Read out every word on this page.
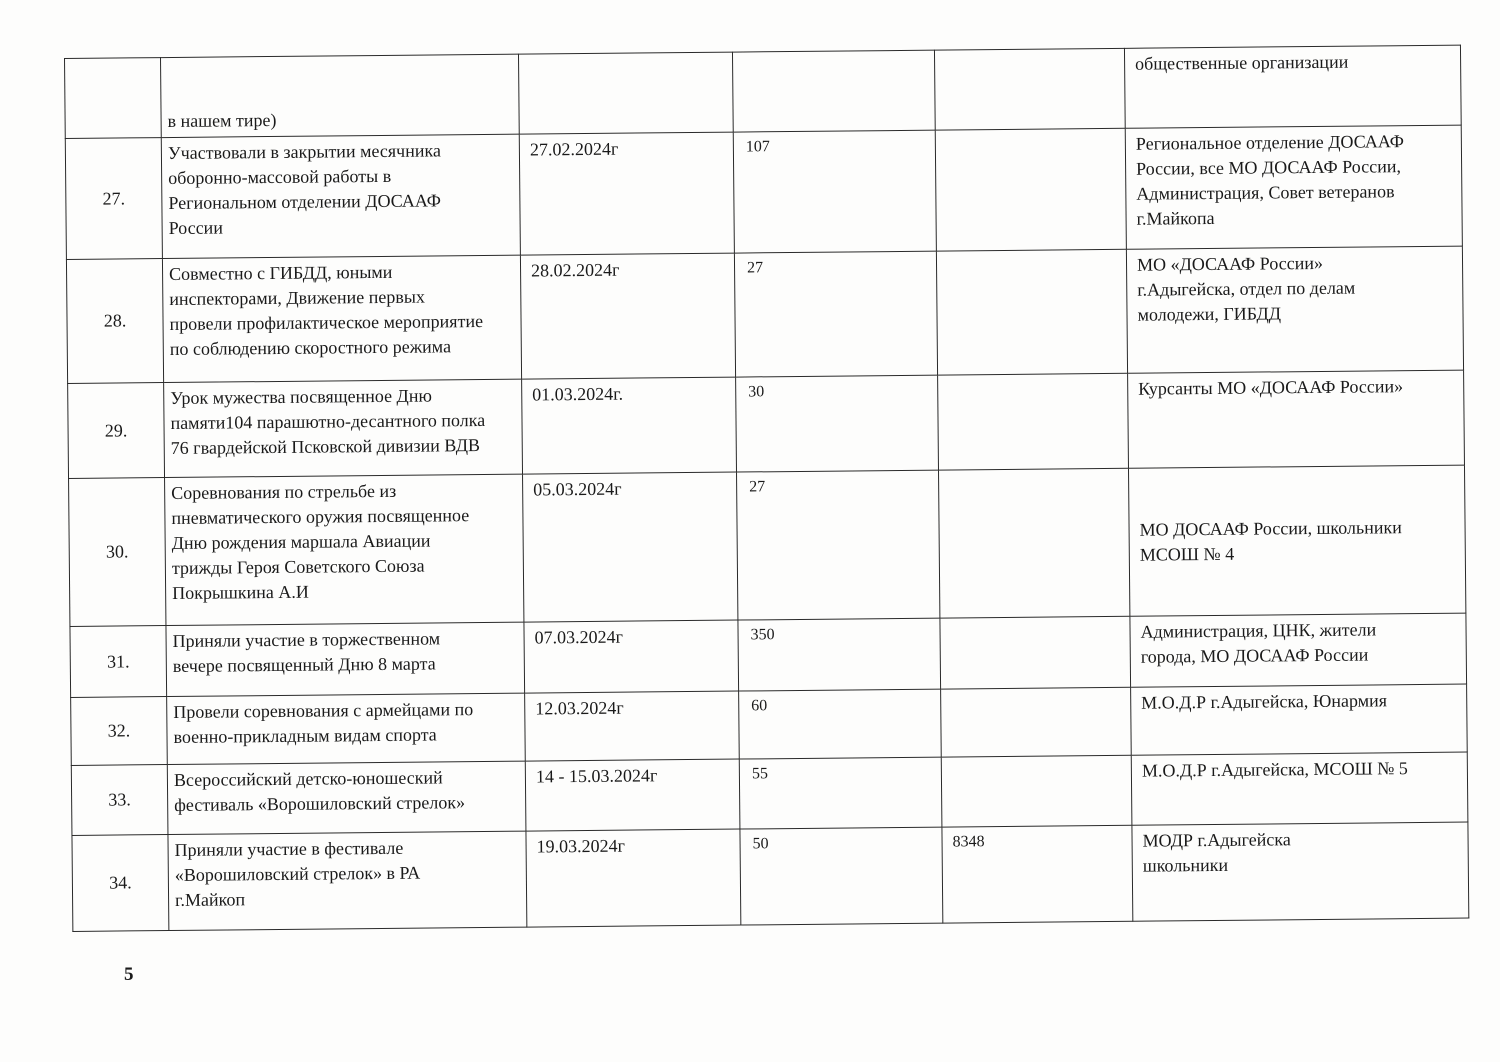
	в нашем тире)				общественные организации

27.	Участвовали в закрытии месячника
оборонно-массовой работы в
Региональном отделении ДОСААФ
России	27.02.2024г	107		Региональное отделение ДОСААФ
России, все МО ДОСААФ России,
Администрация, Совет ветеранов
г.Майкопа

28.	Совместно с ГИБДД, юными
инспекторами, Движение первых
провели профилактическое мероприятие
по соблюдению скоростного режима	28.02.2024г	27		МО «ДОСААФ России»
г.Адыгейска, отдел по делам
молодежи, ГИБДД

29.	Урок мужества посвященное Дню
памяти104 парашютно-десантного полка
76 гвардейской Псковской дивизии ВДВ	01.03.2024г.	30		Курсанты МО «ДОСААФ России»

30.	Соревнования по стрельбе из
пневматического оружия посвященное
Дню рождения маршала Авиации
трижды Героя Советского Союза
Покрышкина А.И	05.03.2024г	27		МО ДОСААФ России, школьники
МСОШ № 4

31.	Приняли участие в торжественном
вечере посвященный Дню 8 марта	07.03.2024г	350		Администрация, ЦНК, жители
города, МО ДОСААФ России

32.	Провели соревнования с армейцами по
военно-прикладным видам спорта	12.03.2024г	60		М.О.Д.Р г.Адыгейска, Юнармия

33.	Всероссийский детско-юношеский
фестиваль «Ворошиловский стрелок»	14 - 15.03.2024г	55		М.О.Д.Р г.Адыгейска, МСОШ № 5

34.	Приняли участие в фестивале
«Ворошиловский стрелок» в РА
г.Майкоп	19.03.2024г	50	8348	МОДР г.Адыгейска
школьники
5
